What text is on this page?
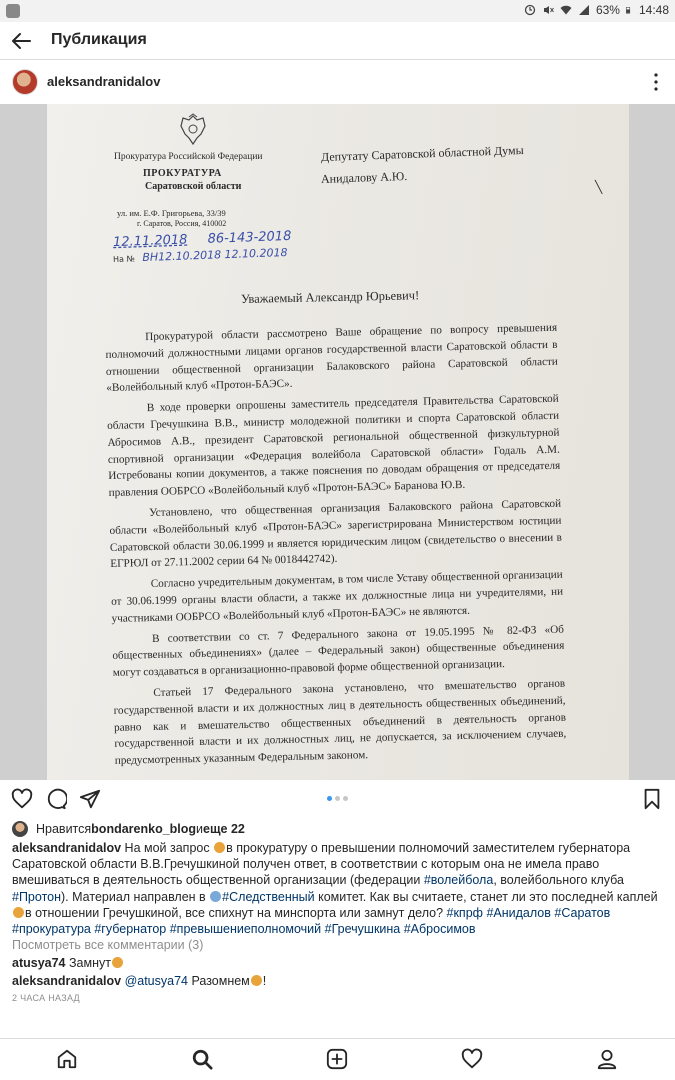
63% 14:48
Публикация
aleksandranidalov
Прокуратура Российской Федерации
ПРОКУРАТУРА
Саратовской области
ул. им. Е.Ф. Григорьева, 33/39
г. Саратов, Россия, 410002
Депутату Саратовской областной Думы
Анидалову А.Ю.
╲
12.11.2018 86-143-2018
На № ВН12.10.2018 12.10.2018
Уважаемый Александр Юрьевич!

Прокуратурой области рассмотрено Ваше обращение по вопросу превышения полномочий должностными лицами органов государственной власти Саратовской области в отношении общественной организации Балаковского района Саратовской области «Волейбольный клуб «Протон-БАЭС».

В ходе проверки опрошены заместитель председателя Правительства Саратовской области Гречушкина В.В., министр молодежной политики и спорта Саратовской области Абросимов А.В., президент Саратовской региональной общественной физкультурной спортивной организации «Федерация волейбола Саратовской области» Годаль А.М. Истребованы копии документов, а также пояснения по доводам обращения от председателя правления ООБРСО «Волейбольный клуб «Протон-БАЭС» Баранова Ю.В.

Установлено, что общественная организация Балаковского района Саратовской области «Волейбольный клуб «Протон-БАЭС» зарегистрирована Министерством юстиции Саратовской области 30.06.1999 и является юридическим лицом (свидетельство о внесении в ЕГРЮЛ от 27.11.2002 серии 64 № 0018442742).

Согласно учредительным документам, в том числе Уставу общественной организации от 30.06.1999 органы власти области, а также их должностные лица ни учредителями, ни участниками ООБРСО «Волейбольный клуб «Протон-БАЭС» не являются.

В соответствии со ст. 7 Федерального закона от 19.05.1995 № 82-ФЗ «Об общественных объединениях» (далее – Федеральный закон) общественные объединения могут создаваться в организационно-правовой форме общественной организации.

Статьей 17 Федерального закона установлено, что вмешательство органов государственной власти и их должностных лиц в деятельность общественных объединений, равно как и вмешательство общественных объединений в деятельность органов государственной власти и их должностных лиц, не допускается, за исключением случаев, предусмотренных указанным Федеральным законом.

Нравится bondarenko_blog и еще 22
aleksandranidalov На мой запрос в прокуратуру о превышении полномочий заместителем губернатора Саратовской области В.В.Гречушкиной получен ответ, в соответствии с которым она не имела право вмешиваться в деятельность общественной организации (федерации #волейбола, волейбольного клуба #Протон). Материал направлен в #Следственный комитет. Как вы считаете, станет ли это последней каплей в отношении Гречушкиной, все спихнут на минспорта или замнут дело? #кпрф #Анидалов #Саратов #прокуратура #губернатор #превышениеполномочий #Гречушкина #Абросимов
Посмотреть все комментарии (3)
atusya74 Замнут
aleksandranidalov @atusya74 Разомнем !
2 ЧАСА НАЗАД
